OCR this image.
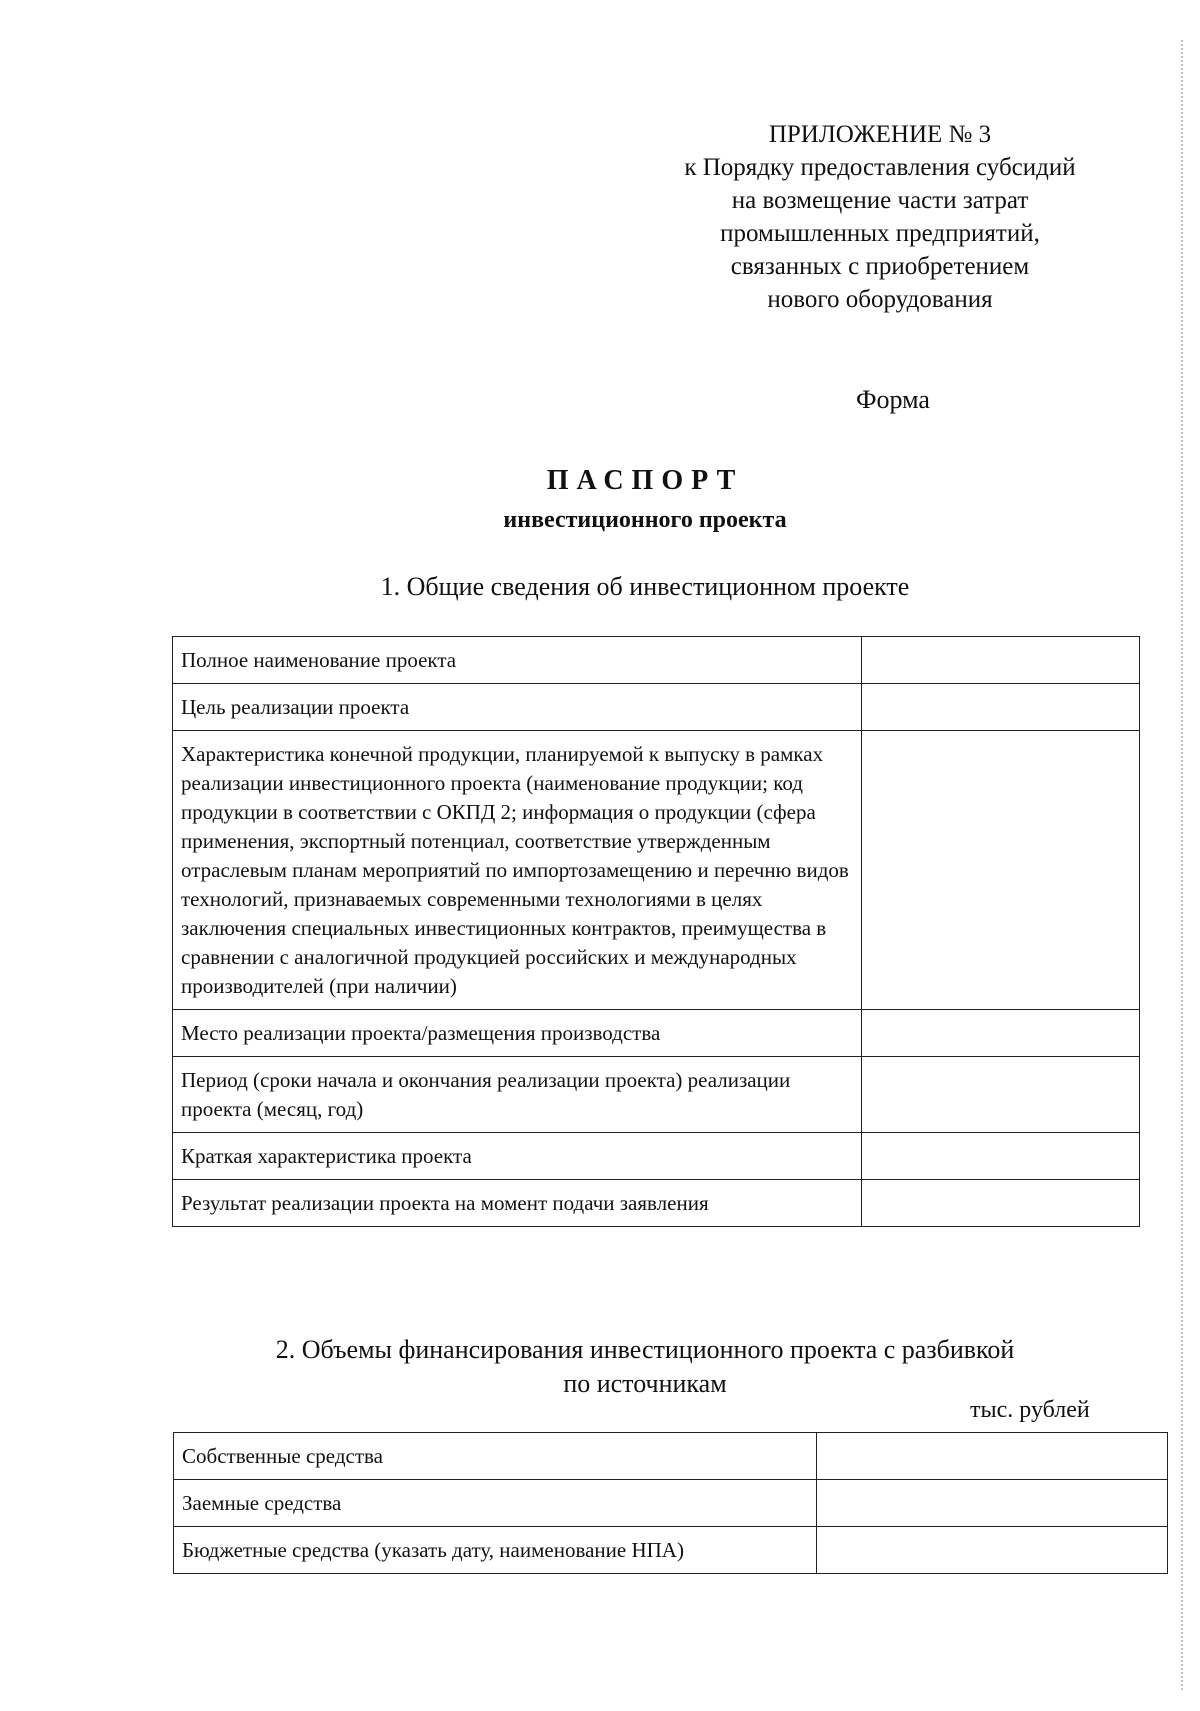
ПРИЛОЖЕНИЕ № 3
к Порядку предоставления субсидий
на возмещение части затрат
промышленных предприятий,
связанных с приобретением
нового оборудования
Форма
ПАСПОРТ
инвестиционного проекта
1. Общие сведения об инвестиционном проекте
Полное наименование проекта	
Цель реализации проекта	
Характеристика конечной продукции, планируемой к выпуску в рамках реализации инвестиционного проекта (наименование продукции; код продукции в соответствии с ОКПД 2; информация о продукции (сфера применения, экспортный потенциал, соответствие утвержденным отраслевым планам мероприятий по импортозамещению и перечню видов технологий, признаваемых современными технологиями в целях заключения специальных инвестиционных контрактов, преимущества в сравнении с аналогичной продукцией российских и международных производителей (при наличии)	
Место реализации проекта/размещения производства	
Период (сроки начала и окончания реализации проекта) реализации проекта (месяц, год)	
Краткая характеристика проекта	
Результат реализации проекта на момент подачи заявления	
2. Объемы финансирования инвестиционного проекта с разбивкой
по источникам
тыс. рублей
Собственные средства	
Заемные средства	
Бюджетные средства (указать дату, наименование НПА)	
